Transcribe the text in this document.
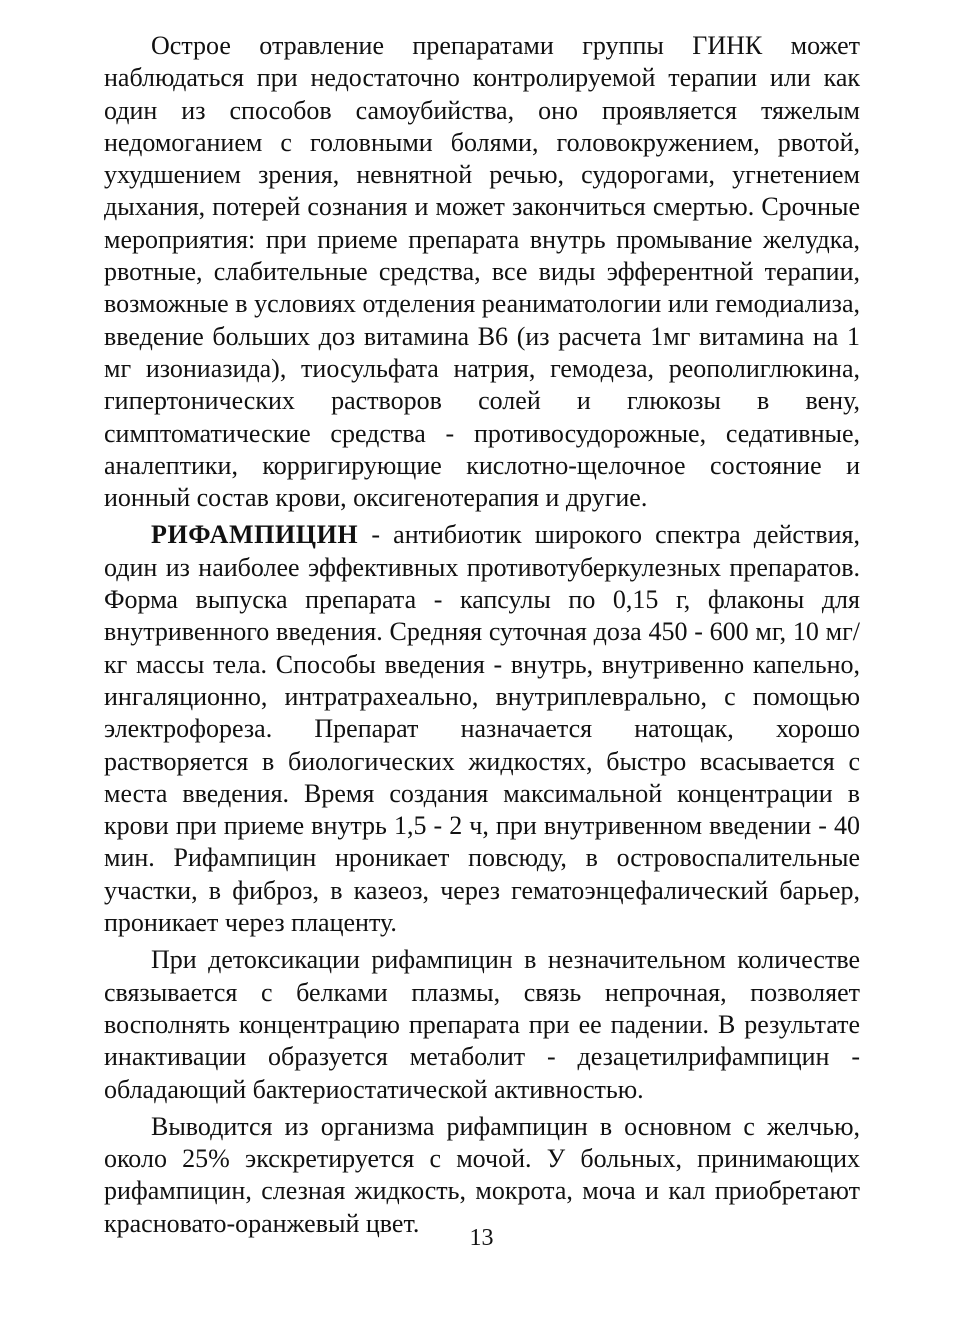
Острое отравление препаратами группы ГИНК может наблюдаться при недостаточно контролируемой терапии или как один из способов самоубийства, оно проявляется тяжелым недомоганием с головными болями, головокружением, рвотой, ухудшением зрения, невнятной речью, судорогами, угнетением дыхания, потерей сознания и может закончиться смертью. Срочные мероприятия: при приеме препарата внутрь промывание желудка, рвотные, слабительные средства, все виды эфферентной терапии, возможные в условиях отделения реаниматологии или гемодиализа, введение больших доз витамина В6 (из расчета 1мг витамина на 1 мг изониазида), тиосульфата натрия, гемодеза, реополиглюкина, гипертонических растворов солей и глюкозы в вену, симптоматические средства - противосудорожные, седативные, аналептики, корригирующие кислотно-щелочное состояние и ионный состав крови, оксигенотерапия и другие.

РИФАМПИЦИН - антибиотик широкого спектра действия, один из наиболее эффективных противотуберкулезных препаратов. Форма выпуска препарата - капсулы по 0,15 г, флаконы для внутривенного введения. Средняя суточная доза 450 - 600 мг, 10 мг/кг массы тела. Способы введения - внутрь, внутривенно капельно, ингаляционно, интратрахеально, внутриплеврально, с помощью электрофореза. Препарат назначается натощак, хорошо растворяется в биологических жидкостях, быстро всасывается с места введения. Время создания максимальной концентрации в крови при приеме внутрь 1,5 - 2 ч, при внутривенном введении - 40 мин. Рифампицин нроникает повсюду, в островоспалительные участки, в фиброз, в казеоз, через гематоэнцефалический барьер, проникает через плаценту.

При детоксикации рифампицин в незначительном количестве связывается с белками плазмы, связь непрочная, позволяет восполнять концентрацию препарата при ее падении. В результате инактивации образуется метаболит - дезацетилрифампицин - обладающий бактериостатической активностью.

Выводится из организма рифампицин в основном с желчью, около 25% экскретируется с мочой. У больных, принимающих рифампицин, слезная жидкость, мокрота, моча и кал приобретают красновато-оранжевый цвет.

13
